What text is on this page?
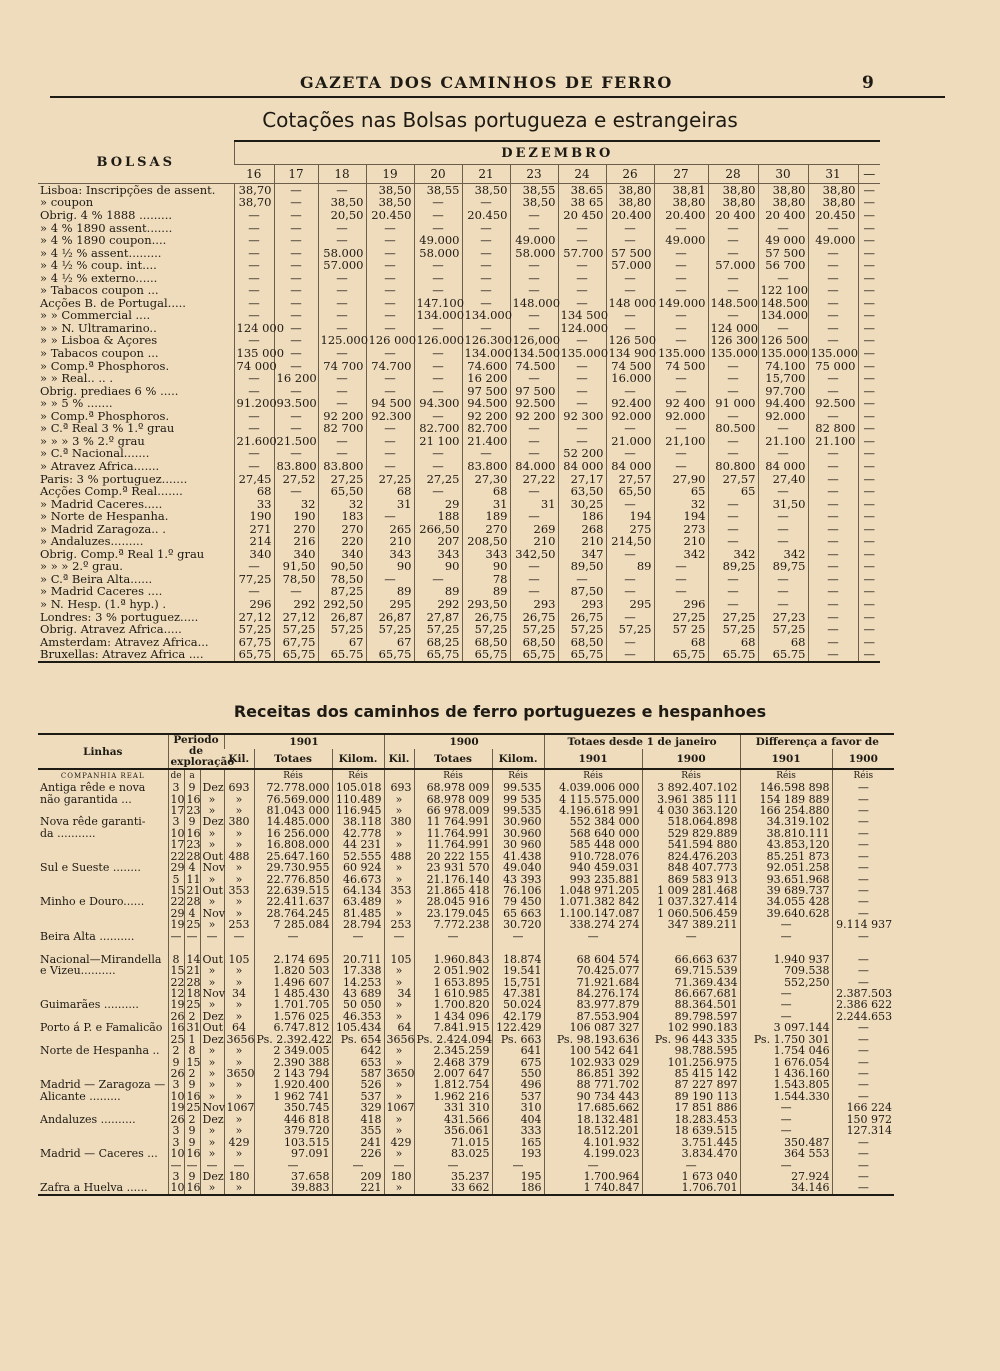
GAZETA DOS CAMINHOS DE FERRO	9
Cotações nas Bolsas portugueza e estrangeiras
BOLSAS	DEZEMBRO													
	16	17	18	19	20	21	23	24	26	27	28	30	31	—
Lisboa: Inscripções de assent.	38,70	—	—	38,50	38,55	38,50	38,55	38.65	38,80	38,81	38,80	38,80	38,80	—
» coupon	38,70	—	38,50	38,50	—	—	38,50	38 65	38,80	38,80	38,80	38,80	38,80	—
Obrig. 4 % 1888 .........	—	—	20,50	20.450	—	20.450	—	20 450	20.400	20.400	20 400	20 400	20.450	—
» 4 % 1890 assent.......	—	—	—	—	—	—	—	—	—	—	—	—	—	—
» 4 % 1890 coupon....	—	—	—	—	49.000	—	49.000	—	—	49.000	—	49 000	49.000	—
» 4 ½ % assent.........	—	—	58.000	—	58.000	—	58.000	57.700	57 500	—	—	57 500	—	—
» 4 ½ % coup. int....	—	—	57.000	—	—	—	—	—	57.000	—	57.000	56 700	—	—
» 4 ½ % externo......	—	—	—	—	—	—	—	—	—	—	—	—	—	—
» Tabacos coupon ...	—	—	—	—	—	—	—	—	—	—	—	122 100	—	—
Acções B. de Portugal.....	—	—	—	—	147.100	—	148.000	—	148 000	149.000	148.500	148.500	—	—
» » Commercial ....	—	—	—	—	134.000	134.000	—	134 500	—	—	—	134.000	—	—
» » N. Ultramarino..	124 000	—	—	—	—	—	—	124.000	—	—	124 000	—	—	—
» » Lisboa & Açores	—	—	125.000	126 000	126.000	126.300	126,000	—	126 500	—	126 300	126 500	—	—
» Tabacos coupon ...	135 000	—	—	—	—	134.000	134.500	135.000	134 900	135.000	135.000	135.000	135.000	—
» Comp.ª Phosphoros.	74 000	—	74 700	74.700	—	74.600	74.500	—	74 500	74 500	—	74.100	75 000	—
» » Real.. .. .	—	16 200	—	—	—	16 200	—	—	16.000	—	—	15,700	—	—
Obrig. prediaes 6 % .....	—	—	—	—	—	97 500	97 500	—	—	—	—	97.700	—	—
» » 5 % .......	91.200	93.500	—	94 500	94.300	94.500	92.500	—	92.400	92 400	91 000	94.400	92.500	—
» Comp.ª Phosphoros.	—	—	92 200	92.300	—	92 200	92 200	92 300	92.000	92.000	—	92.000	—	—
» C.ª Real 3 % 1.º grau	—	—	82 700	—	82.700	82.700	—	—	—	—	80.500	—	82 800	—
» » » 3 % 2.º grau	21.600	21.500	—	—	21 100	21.400	—	—	21.000	21,100	—	21.100	21.100	—
» C.ª Nacional.......	—	—	—	—	—	—	—	52 200	—	—	—	—	—	—
» Atravez Africa.......	—	83.800	83.800	—	—	83.800	84.000	84 000	84 000	—	80.800	84 000	—	—
Paris: 3 % portuguez.......	27,45	27,52	27,25	27,25	27,25	27,30	27,22	27,17	27,57	27,90	27,57	27,40	—	—
Acções Comp.ª Real.......	68	—	65,50	68	—	68	—	63,50	65,50	65	65	—	—	—
» Madrid Caceres.....	33	32	32	31	29	31	31	30,25	—	32	—	31,50	—	—
» Norte de Hespanha.	190	190	183	—	188	189	—	186	194	194	—	—	—	—
» Madrid Zaragoza.. .	271	270	270	265	266,50	270	269	268	275	273	—	—	—	—
» Andaluzes.........	214	216	220	210	207	208,50	210	210	214,50	210	—	—	—	—
Obrig. Comp.ª Real 1.º grau	340	340	340	343	343	343	342,50	347	—	342	342	342	—	—
» » » 2.º grau.	—	91,50	90,50	90	90	90	—	89,50	89	—	89,25	89,75	—	—
» C.ª Beira Alta......	77,25	78,50	78,50	—	—	78	—	—	—	—	—	—	—	—
» Madrid Caceres ....	—	—	87,25	89	89	89	—	87,50	—	—	—	—	—	—
» N. Hesp. (1.ª hyp.) .	296	292	292,50	295	292	293,50	293	293	295	296	—	—	—	—
Londres: 3 % portuguez.....	27,12	27,12	26,87	26,87	27,87	26,75	26,75	26,75	—	27,25	27,25	27,23	—	—
Obrig. Atravez Africa.....	57,25	57,25	57,25	57,25	57,25	57,25	57,25	57,25	57,25	57 25	57,25	57,25	—	—
Amsterdam: Atravez Africa...	67,75	67,75	67	67	68,25	68,50	68,50	68,50	—	68	68	68	—	—
Bruxellas: Atravez Africa ....	65,75	65,75	65.75	65,75	65,75	65,75	65,75	65,75	—	65,75	65.75	65.75	—	—
Receitas dos caminhos de ferro portuguezes e hespanhoes
Linhas	Periodo de exploração			1901			1900			Totaes desde 1 de janeiro		Differença a favor de	
				Kil.	Totaes	Kilom.	Kil.	Totaes	Kilom.	1901	1900	1901	1900
COMPANHIA REAL	de	a			Réis	Réis		Réis	Réis	Réis	Réis	Réis	Réis
Antiga rêde e nova	3	9	Dez	693	72.778.000	105.018	693	68.978 009	99.535	4.039.006 000	3 892.407.102	146.598 898	—
não garantida ...	10	16	»	»	76.569.000	110.489	»	68.978 009	99 535	4 115.575.000	3.961 385 111	154 189 889	—
	17	23	»	»	81.043 000	116.945	»	66 978.009	99.535	4.196.618 991	4 030 363.120	166 254.880	—
Nova rêde garanti-	3	9	Dez	380	14.485.000	38.118	380	11 764.991	30.960	552 384 000	518.064.898	34.319.102	—
da ...........	10	16	»	»	16 256.000	42.778	»	11.764.991	30.960	568 640 000	529 829.889	38.810.111	—
	17	23	»	»	16.808.000	44 231	»	11.764.991	30 960	585 448 000	541.594 880	43.853,120	—
	22	28	Out	488	25.647.160	52.555	488	20 222 155	41.438	910.728.076	824.476.203	85.251 873	—
Sul e Sueste ........	29	4	Nov	»	29.730.955	60 924	»	23 931 570	49.040	940 459.031	848 407.773	92.051.258	—
	5	11	»	»	22.776.850	46.673	»	21.176.140	43 393	993 235.881	869 583 913	93.651.968	—
	15	21	Out	353	22.639.515	64.134	353	21.865 418	76.106	1.048 971.205	1 009 281.468	39 689.737	—
Minho e Douro......	22	28	»	»	22.411.637	63.489	»	28.045 916	79 450	1.071.382 842	1 037.327.414	34.055 428	—
	29	4	Nov	»	28.764.245	81.485	»	23.179.045	65 663	1.100.147.087	1 060.506.459	39.640.628	—
	19	25	»	253	7 285.084	28.794	253	7.772.238	30.720	338.274 274	347 389.211	—	9.114 937
Beira Alta ..........	—	—	—	—	—	—	—	—	—	—	—	—	—

Nacional—Mirandella	8	14	Out	105	2.174 695	20.711	105	1.960.843	18.874	68 604 574	66.663 637	1.940 937	—
e Vizeu..........	15	21	»	»	1.820 503	17.338	»	2 051.902	19.541	70.425.077	69.715.539	709.538	—
	22	28	»	»	1.496 607	14.253	»	1 653.895	15,751	71.921.684	71.369.434	552,250	—
	12	18	Nov	34	1 485.430	43 689	34	1 610.985	47.381	84.276.174	86.667.681	—	2.387.503
Guimarães ..........	19	25	»	»	1.701.705	50 050	»	1.700.820	50.024	83.977.879	88.364.501	—	2.386 622
	26	2	Dez	»	1.576 025	46.353	»	1 434 096	42.179	87.553.904	89.798.597	—	2.244.653
Porto á P. e Famalicão	16	31	Out	64	6.747.812	105.434	64	7.841.915	122.429	106 087 327	102 990.183	3 097.144	—
	25	1	Dez	3656	Ps. 2.392.422	Ps. 654	3656	Ps. 2.424.094	Ps. 663	Ps. 98.193.636	Ps. 96 443 335	Ps. 1.750 301	—
Norte de Hespanha ..	2	8	»	»	2 349.005	642	»	2.345.259	641	100 542 641	98.788.595	1.754 046	—
	9	15	»	»	2.390 388	653	»	2.468 379	675	102.933 029	101.256.975	1 676.054	—
	26	2	»	3650	2 143 794	587	3650	2.007 647	550	86.851 392	85 415 142	1 436.160	—
Madrid — Zaragoza —	3	9	»	»	1.920.400	526	»	1.812.754	496	88 771.702	87 227 897	1.543.805	—
Alicante .........	10	16	»	»	1 962 741	537	»	1.962 216	537	90 734 443	89 190 113	1.544.330	—
	19	25	Nov	1067	350.745	329	1067	331 310	310	17.685.662	17 851 886	—	166 224
Andaluzes ..........	26	2	Dez	»	446 818	418	»	431.566	404	18.132.481	18.283.453	—	150 972
	3	9	»	»	379.720	355	»	356.061	333	18.512.201	18 639.515	—	127.314
	3	9	»	429	103.515	241	429	71.015	165	4.101.932	3.751.445	350.487	—
Madrid — Caceres ...	10	16	»	»	97.091	226	»	83.025	193	4.199.023	3.834.470	364 553	—
	—	—	—	—	—	—	—	—	—	—	—	—	—
	3	9	Dez	180	37.658	209	180	35.237	195	1.700.964	1 673 040	27.924	—
Zafra a Huelva ......	10	16	»	»	39.883	221	»	33 662	186	1 740.847	1.706.701	34.146	—
